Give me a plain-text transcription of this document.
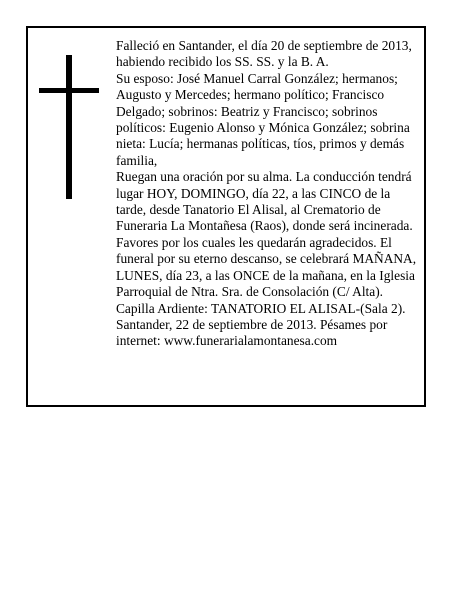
Falleció en Santander, el día 20 de septiembre de 2013,

habiendo recibido los SS. SS. y la B. A.

Su esposo: José Manuel Carral González; hermanos;

Augusto y Mercedes; hermano político; Francisco

Delgado; sobrinos: Beatriz y Francisco; sobrinos

políticos: Eugenio Alonso y Mónica González; sobrina

nieta: Lucía; hermanas políticas, tíos, primos y demás

familia,

Ruegan una oración por su alma. La conducción tendrá

lugar HOY, DOMINGO, día 22, a las CINCO de la

tarde, desde Tanatorio El Alisal, al Crematorio de

Funeraria La Montañesa (Raos), donde será incinerada.

Favores por los cuales les quedarán agradecidos. El

funeral por su eterno descanso, se celebrará MAÑANA,

LUNES, día 23, a las ONCE de la mañana, en la Iglesia

Parroquial de Ntra. Sra. de Consolación (C/ Alta).

Capilla Ardiente: TANATORIO EL ALISAL-(Sala 2).

Santander, 22 de septiembre de 2013. Pésames por

internet: www.funerarialamontanesa.com
